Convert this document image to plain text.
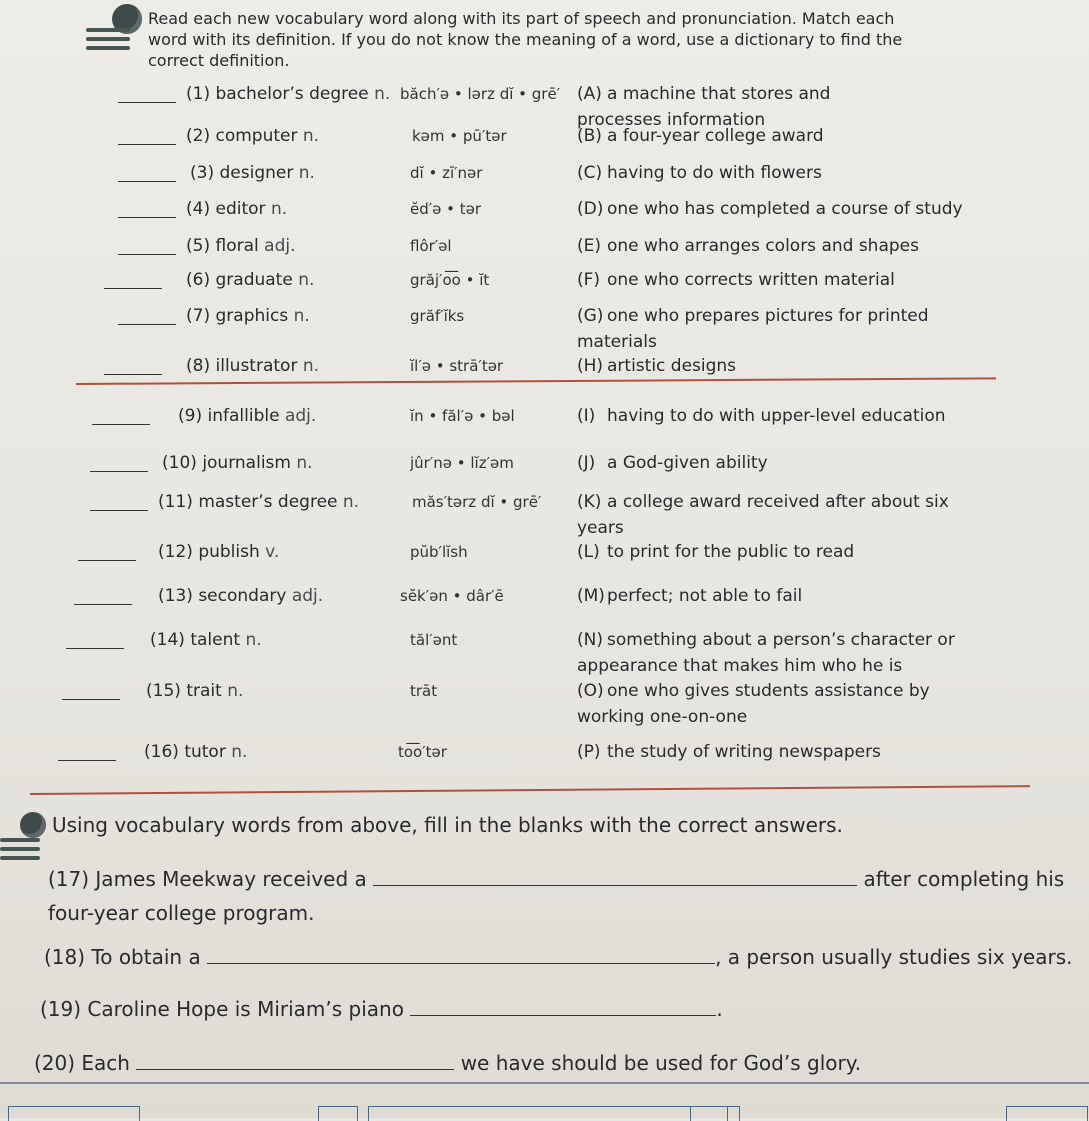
Read each new vocabulary word along with its part of speech and pronunciation. Match each word with its definition. If you do not know the meaning of a word, use a dictionary to find the correct definition.
(1) bachelor’s degree n. băch′ə • lərz dĭ • grē′ (A) a machine that stores and processes information
(2) computer n.	kəm • pū′tər	(B) a four-year college award
(3) designer n.	dĭ • zī′nər	(C) having to do with flowers
(4) editor n.	ĕd′ə • tər	(D) one who has completed a course of study
(5) floral adj.	flôr′əl	(E) one who arranges colors and shapes
(6) graduate n.	grăj′o͞o • ĭt	(F) one who corrects written material
(7) graphics n.	grăf′ĭks	(G) one who prepares pictures for printed materials
(8) illustrator n.	ĭl′ə • strā′tər	(H) artistic designs
(9) infallible adj.	ĭn • făl′ə • bəl	(I) having to do with upper-level education
(10) journalism n.	jûr′nə • lĭz′əm	(J) a God-given ability
(11) master’s degree n.	măs′tərz dĭ • grē′ (K) a college award received after about six years
(12) publish v.	pŭb′lĭsh	(L) to print for the public to read
(13) secondary adj.	sĕk′ən • dâr′ē	(M) perfect; not able to fail
(14) talent n.	tăl′ənt	(N) something about a person’s character or appearance that makes him who he is
(15) trait n.	trāt	(O) one who gives students assistance by working one-on-one
(16) tutor n.	to͞o′tər	(P) the study of writing newspapers
Using vocabulary words from above, fill in the blanks with the correct answers.
(17) James Meekway received a	after completing his
four-year college program.
(18) To obtain a	, a person usually studies six years.
(19) Caroline Hope is Miriam’s piano	.
(20) Each	we have should be used for God’s glory.
